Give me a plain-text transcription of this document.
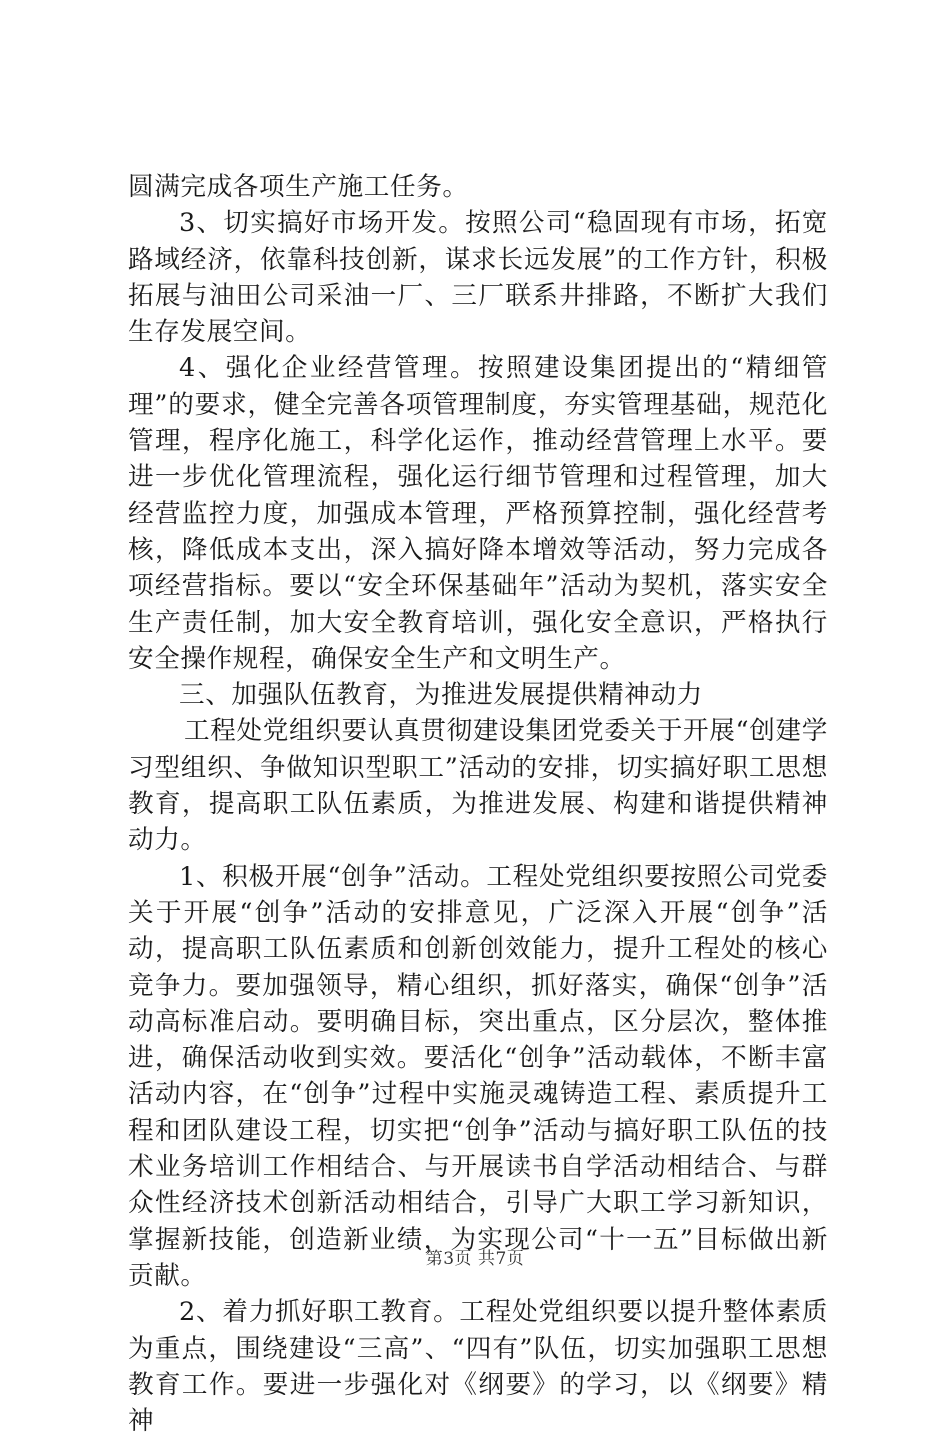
圆满完成各项生产施工任务。

3、切实搞好市场开发。按照公司“稳固现有市场，拓宽路域经济，依靠科技创新，谋求长远发展”的工作方针，积极拓展与油田公司采油一厂、三厂联系井排路，不断扩大我们生存发展空间。

4、强化企业经营管理。按照建设集团提出的“精细管理”的要求，健全完善各项管理制度，夯实管理基础，规范化管理，程序化施工，科学化运作，推动经营管理上水平。要进一步优化管理流程，强化运行细节管理和过程管理，加大经营监控力度，加强成本管理，严格预算控制，强化经营考核，降低成本支出，深入搞好降本增效等活动，努力完成各项经营指标。要以“安全环保基础年”活动为契机，落实安全生产责任制，加大安全教育培训，强化安全意识，严格执行安全操作规程，确保安全生产和文明生产。

三、加强队伍教育，为推进发展提供精神动力

工程处党组织要认真贯彻建设集团党委关于开展“创建学习型组织、争做知识型职工”活动的安排，切实搞好职工思想教育，提高职工队伍素质，为推进发展、构建和谐提供精神动力。

1、积极开展“创争”活动。工程处党组织要按照公司党委关于开展“创争”活动的安排意见，广泛深入开展“创争”活动，提高职工队伍素质和创新创效能力，提升工程处的核心竞争力。要加强领导，精心组织，抓好落实，确保“创争”活动高标准启动。要明确目标，突出重点，区分层次，整体推进，确保活动收到实效。要活化“创争”活动载体，不断丰富活动内容，在“创争”过程中实施灵魂铸造工程、素质提升工程和团队建设工程，切实把“创争”活动与搞好职工队伍的技术业务培训工作相结合、与开展读书自学活动相结合、与群众性经济技术创新活动相结合，引导广大职工学习新知识，掌握新技能，创造新业绩，为实现公司“十一五”目标做出新贡献。

2、着力抓好职工教育。工程处党组织要以提升整体素质为重点，围绕建设“三高”、“四有”队伍，切实加强职工思想教育工作。要进一步强化对《纲要》的学习，以《纲要》精神

第3页 共7页
